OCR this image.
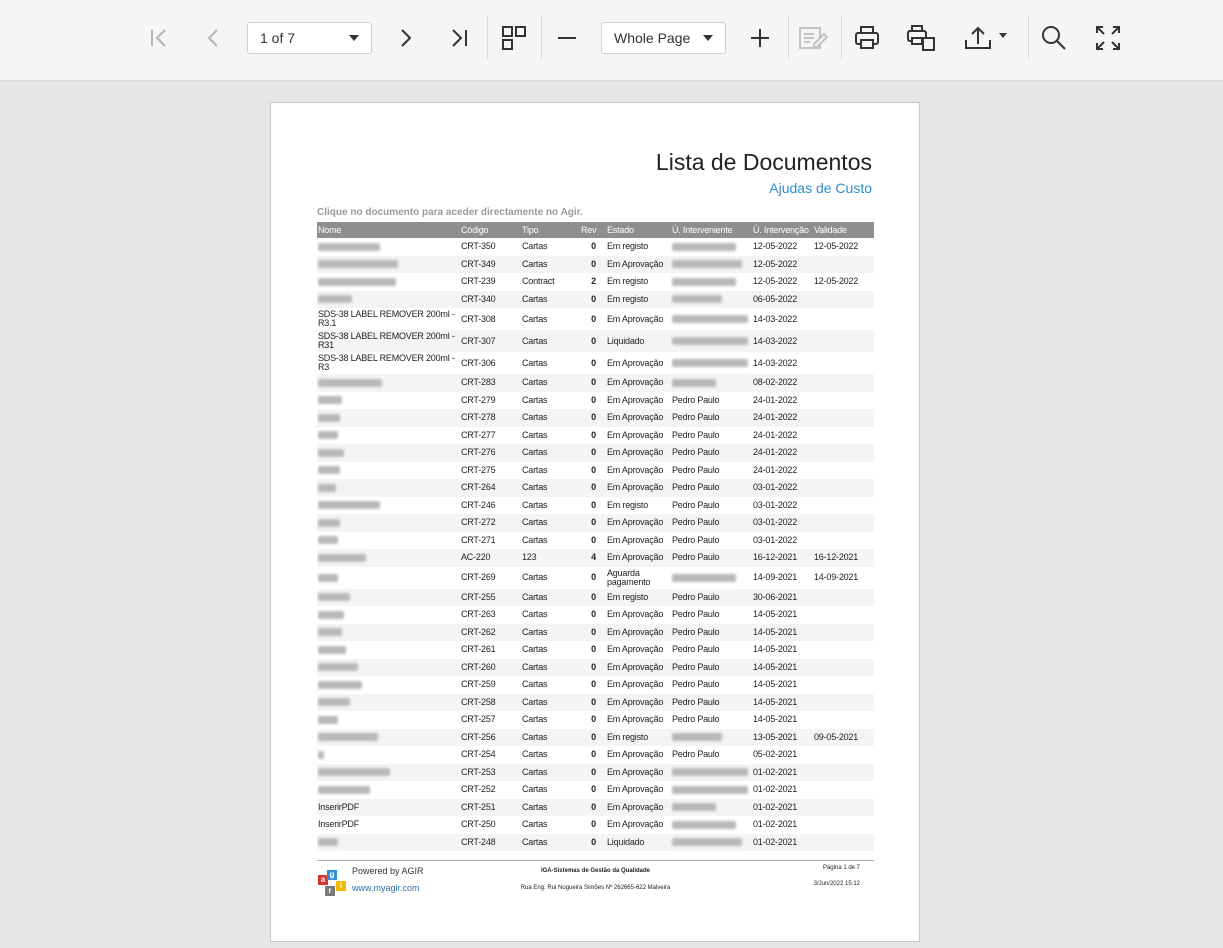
1 of 7	Whole Page
Lista de Documentos
Ajudas de Custo
Clique no documento para aceder directamente no Agir.
Nome	Código	Tipo	Rev	Estado	Ú. Interveniente	Ú. Intervenção	Validade
	CRT-350	Cartas	0	Em registo		12-05-2022	12-05-2022
	CRT-349	Cartas	0	Em Aprovação		12-05-2022	
	CRT-239	Contract	2	Em registo		12-05-2022	12-05-2022
	CRT-340	Cartas	0	Em registo		06-05-2022	
SDS-38 LABEL REMOVER 200ml - R3.1	CRT-308	Cartas	0	Em Aprovação		14-03-2022	
SDS-38 LABEL REMOVER 200ml - R31	CRT-307	Cartas	0	Liquidado		14-03-2022	
SDS-38 LABEL REMOVER 200ml - R3	CRT-306	Cartas	0	Em Aprovação		14-03-2022	
	CRT-283	Cartas	0	Em Aprovação		08-02-2022	
	CRT-279	Cartas	0	Em Aprovação	Pedro Paulo	24-01-2022	
	CRT-278	Cartas	0	Em Aprovação	Pedro Paulo	24-01-2022	
	CRT-277	Cartas	0	Em Aprovação	Pedro Paulo	24-01-2022	
	CRT-276	Cartas	0	Em Aprovação	Pedro Paulo	24-01-2022	
	CRT-275	Cartas	0	Em Aprovação	Pedro Paulo	24-01-2022	
	CRT-264	Cartas	0	Em Aprovação	Pedro Paulo	03-01-2022	
	CRT-246	Cartas	0	Em registo	Pedro Paulo	03-01-2022	
	CRT-272	Cartas	0	Em Aprovação	Pedro Paulo	03-01-2022	
	CRT-271	Cartas	0	Em Aprovação	Pedro Paulo	03-01-2022	
	AC-220	123	4	Em Aprovação	Pedro Paulo	16-12-2021	16-12-2021
	CRT-269	Cartas	0	Aguarda pagamento		14-09-2021	14-09-2021
	CRT-255	Cartas	0	Em registo	Pedro Paulo	30-06-2021	
	CRT-263	Cartas	0	Em Aprovação	Pedro Paulo	14-05-2021	
	CRT-262	Cartas	0	Em Aprovação	Pedro Paulo	14-05-2021	
	CRT-261	Cartas	0	Em Aprovação	Pedro Paulo	14-05-2021	
	CRT-260	Cartas	0	Em Aprovação	Pedro Paulo	14-05-2021	
	CRT-259	Cartas	0	Em Aprovação	Pedro Paulo	14-05-2021	
	CRT-258	Cartas	0	Em Aprovação	Pedro Paulo	14-05-2021	
	CRT-257	Cartas	0	Em Aprovação	Pedro Paulo	14-05-2021	
	CRT-256	Cartas	0	Em registo		13-05-2021	09-05-2021
	CRT-254	Cartas	0	Em Aprovação	Pedro Paulo	05-02-2021	
	CRT-253	Cartas	0	Em Aprovação		01-02-2021	
	CRT-252	Cartas	0	Em Aprovação		01-02-2021	
InserirPDF	CRT-251	Cartas	0	Em Aprovação		01-02-2021	
InserirPDF	CRT-250	Cartas	0	Em Aprovação		01-02-2021	
	CRT-248	Cartas	0	Liquidado		01-02-2021	
a
g
i
r
Powered by AGIR
www.myagir.com
IGA-Sistemas de Gestão da Qualidade
Rua Eng. Rui Nogueira Simões Nº 262665-622 Malveira
Página 1 de 7
3/Jun/2022 15:12
